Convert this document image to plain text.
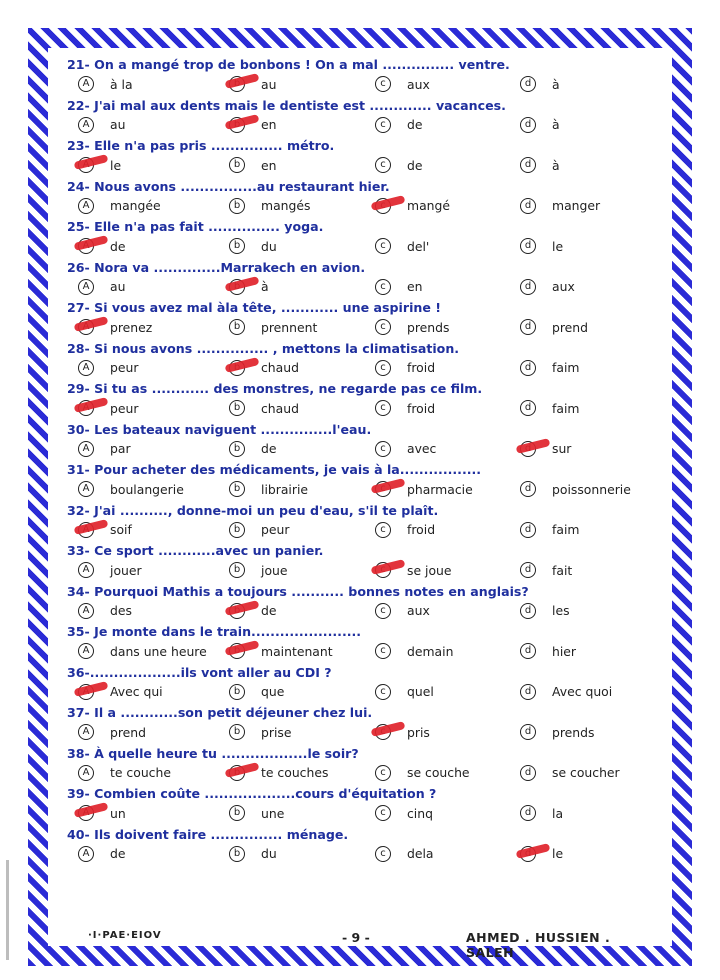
21- On a mangé trop de bonbons ! On a mal ............... ventre.
A	à la	au	c	aux	d	à
22- J'ai mal aux dents mais le dentiste est ............. vacances.
A	au	en	c	de	d	à
23- Elle n'a pas pris ............... métro.
le	b	en	c	de	d	à
24- Nous avons ................au restaurant hier.
A	mangée	b	mangés	mangé	d	manger
25- Elle n'a pas fait ............... yoga.
de	b	du	c	del'	d	le
26- Nora va ..............Marrakech en avion.
A	au	à	c	en	d	aux
27- Si vous avez mal àla tête, ............ une aspirine !
prenez	b	prennent	c	prends	d	prend
28- Si nous avons ............... , mettons la climatisation.
A	peur	chaud	c	froid	d	faim
29- Si tu as ............ des monstres, ne regarde pas ce film.
peur	b	chaud	c	froid	d	faim
30- Les bateaux naviguent ...............l'eau.
A	par	b	de	c	avec	sur
31- Pour acheter des médicaments, je vais à la.................
A	boulangerie	b	librairie	pharmacie	d	poissonnerie
32- J'ai .........., donne-moi un peu d'eau, s'il te plaît.
soif	b	peur	c	froid	d	faim
33- Ce sport ............avec un panier.
A	jouer	b	joue	se joue	d	fait
34- Pourquoi Mathis a toujours ........... bonnes notes en anglais?
A	des	de	c	aux	d	les
35- Je monte dans le train.......................
A	dans une heure	maintenant	c	demain	d	hier
36-...................ils vont aller au CDI ?
Avec qui	b	que	c	quel	d	Avec quoi
37- Il a ............son petit déjeuner chez lui.
A	prend	b	prise	pris	d	prends
38- À quelle heure tu ..................le soir?
A	te couche	te couches	c	se couche	d	se coucher
39- Combien coûte ...................cours d'équitation ?
un	b	une	c	cinq	d	la
40- Ils doivent faire ............... ménage.
A	de	b	du	c	dela	le
·I·PAE·EIOV	- 9 -	AHMED . HUSSIEN . SALEH
